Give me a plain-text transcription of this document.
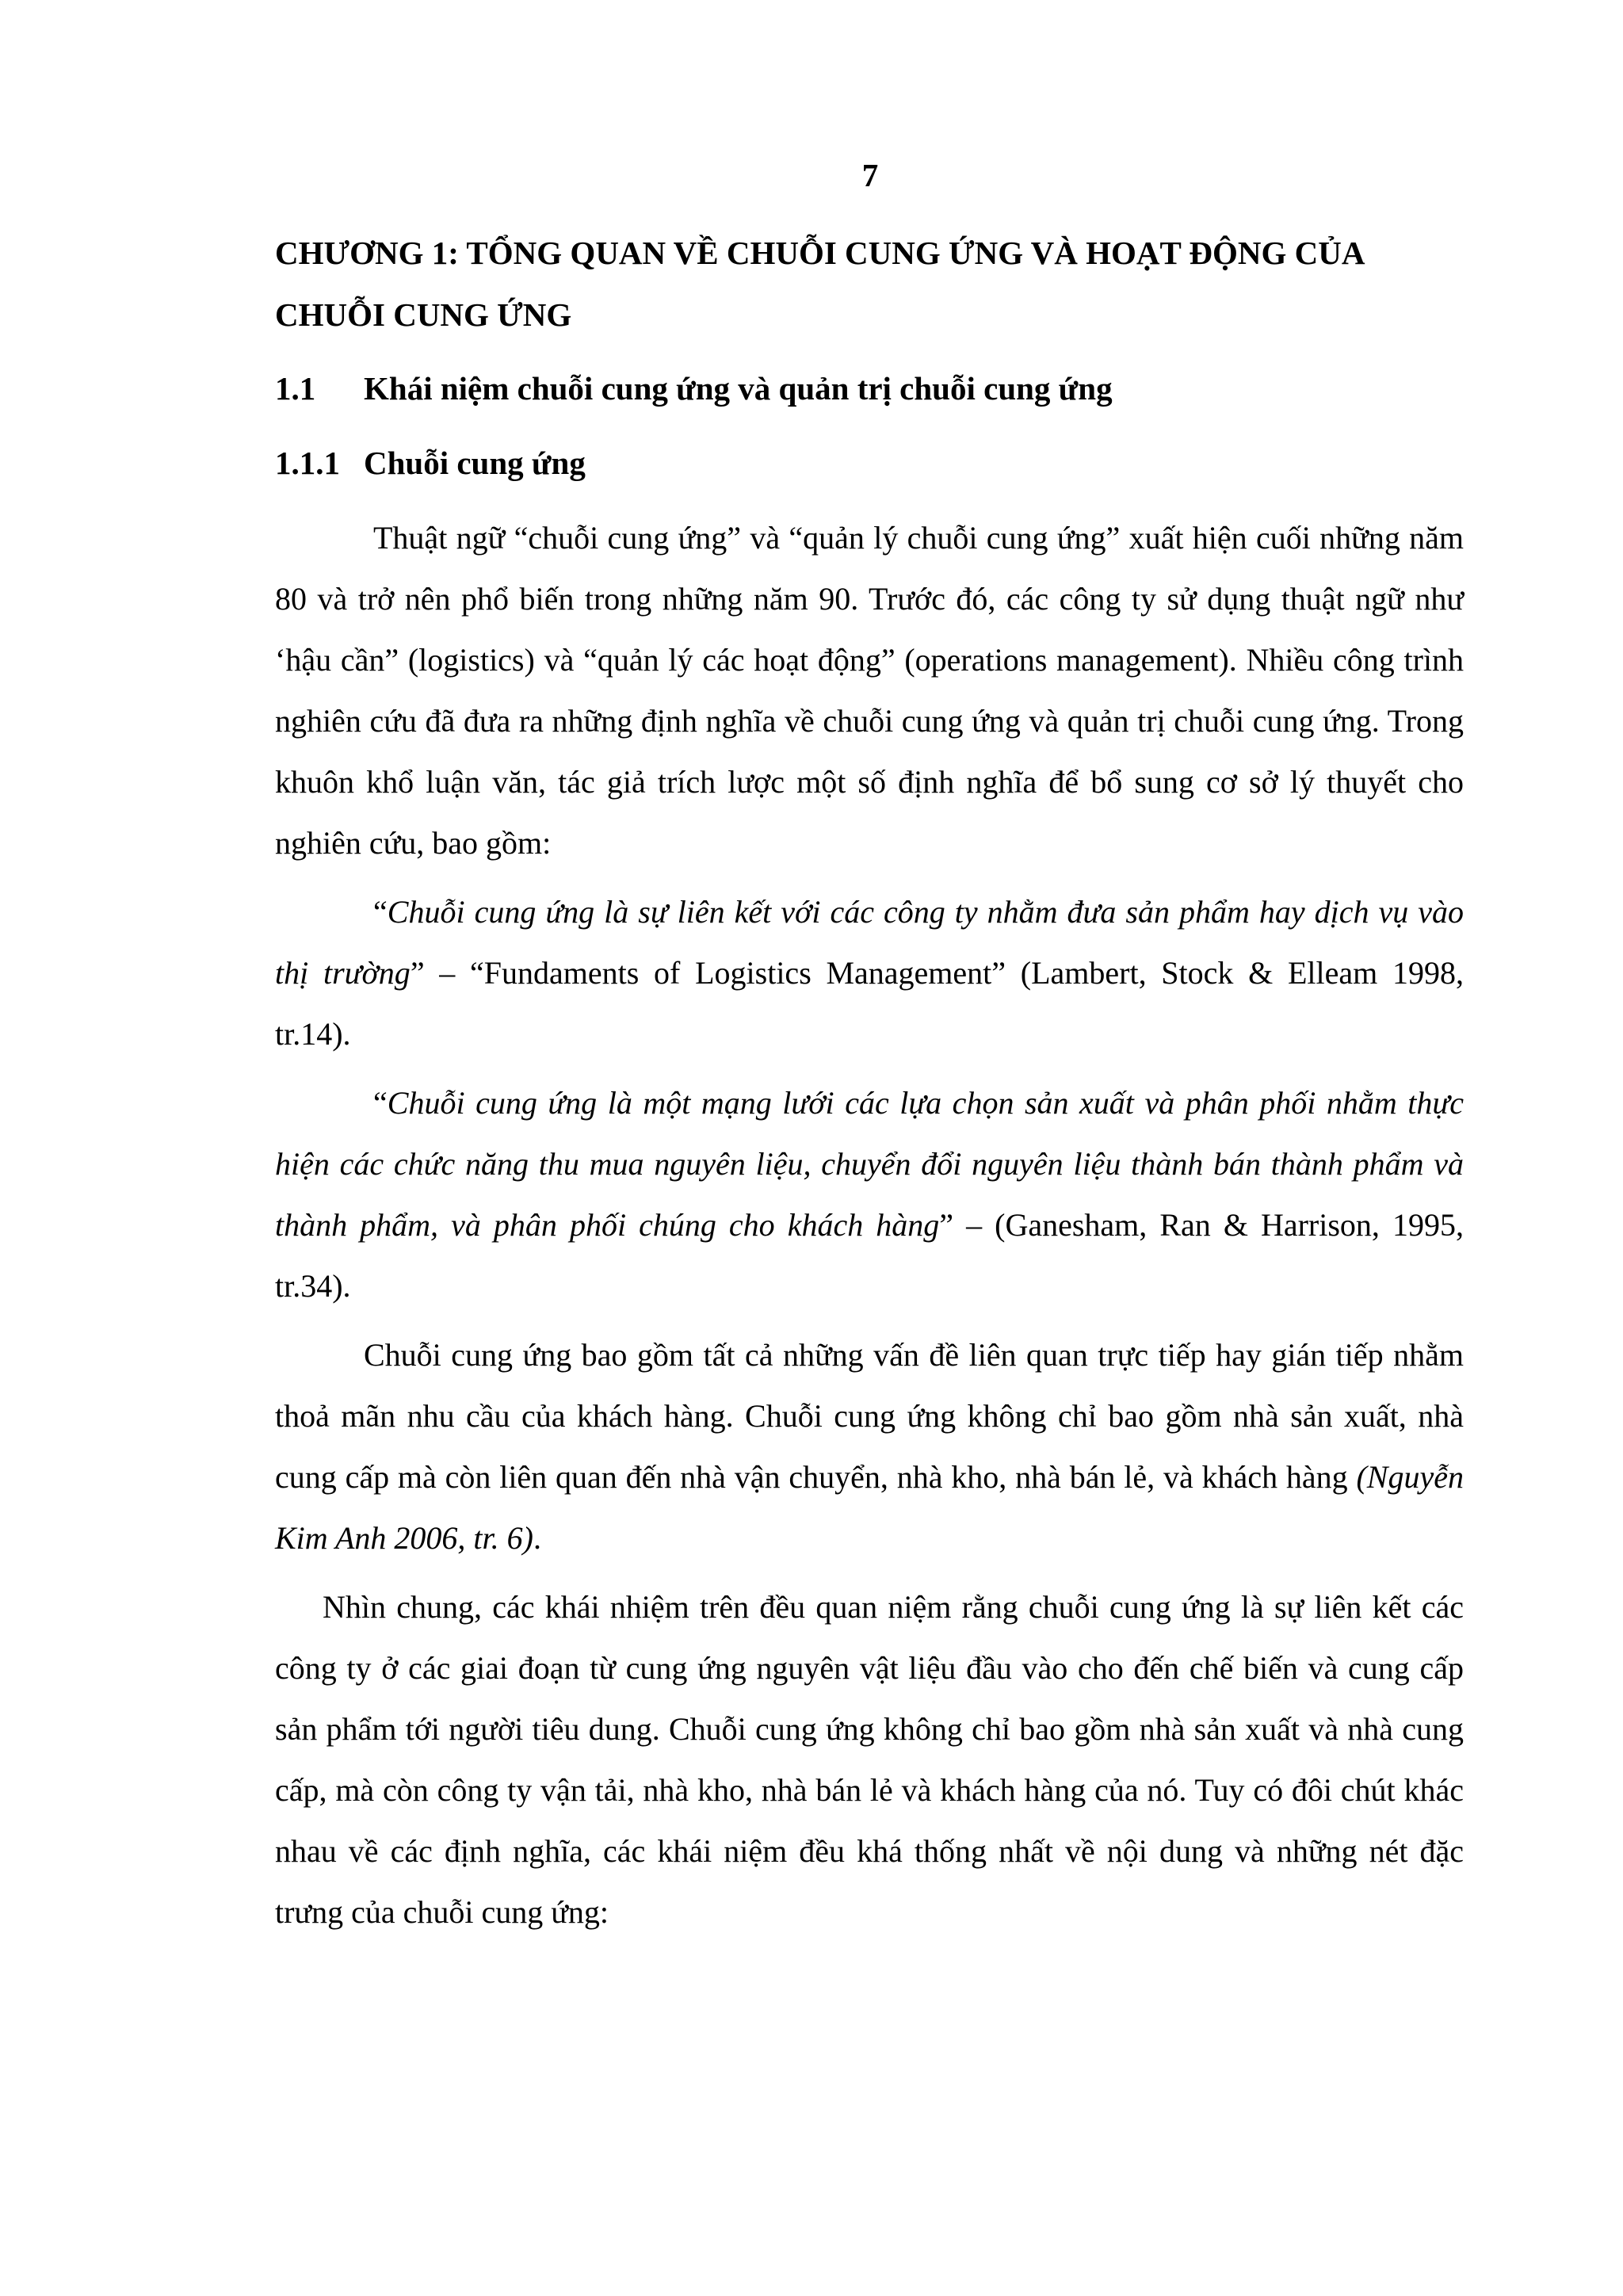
7
CHƯƠNG 1: TỔNG QUAN VỀ CHUỖI CUNG ỨNG VÀ HOẠT ĐỘNG CỦA CHUỖI CUNG ỨNG
1.1 Khái niệm chuỗi cung ứng và quản trị chuỗi cung ứng
1.1.1 Chuỗi cung ứng

Thuật ngữ “chuỗi cung ứng” và “quản lý chuỗi cung ứng” xuất hiện cuối những năm 80 và trở nên phổ biến trong những năm 90. Trước đó, các công ty sử dụng thuật ngữ như ‘hậu cần” (logistics) và “quản lý các hoạt động” (operations management). Nhiều công trình nghiên cứu đã đưa ra những định nghĩa về chuỗi cung ứng và quản trị chuỗi cung ứng. Trong khuôn khổ luận văn, tác giả trích lược một số định nghĩa để bổ sung cơ sở lý thuyết cho nghiên cứu, bao gồm:

“Chuỗi cung ứng là sự liên kết với các công ty nhằm đưa sản phẩm hay dịch vụ vào thị trường” – “Fundaments of Logistics Management” (Lambert, Stock & Elleam 1998, tr.14).

“Chuỗi cung ứng là một mạng lưới các lựa chọn sản xuất và phân phối nhằm thực hiện các chức năng thu mua nguyên liệu, chuyển đổi nguyên liệu thành bán thành phẩm và thành phẩm, và phân phối chúng cho khách hàng” – (Ganesham, Ran & Harrison, 1995, tr.34).

Chuỗi cung ứng bao gồm tất cả những vấn đề liên quan trực tiếp hay gián tiếp nhằm thoả mãn nhu cầu của khách hàng. Chuỗi cung ứng không chỉ bao gồm nhà sản xuất, nhà cung cấp mà còn liên quan đến nhà vận chuyển, nhà kho, nhà bán lẻ, và khách hàng (Nguyễn Kim Anh 2006, tr. 6).

Nhìn chung, các khái nhiệm trên đều quan niệm rằng chuỗi cung ứng là sự liên kết các công ty ở các giai đoạn từ cung ứng nguyên vật liệu đầu vào cho đến chế biến và cung cấp sản phẩm tới người tiêu dung. Chuỗi cung ứng không chỉ bao gồm nhà sản xuất và nhà cung cấp, mà còn công ty vận tải, nhà kho, nhà bán lẻ và khách hàng của nó. Tuy có đôi chút khác nhau về các định nghĩa, các khái niệm đều khá thống nhất về nội dung và những nét đặc trưng của chuỗi cung ứng:
